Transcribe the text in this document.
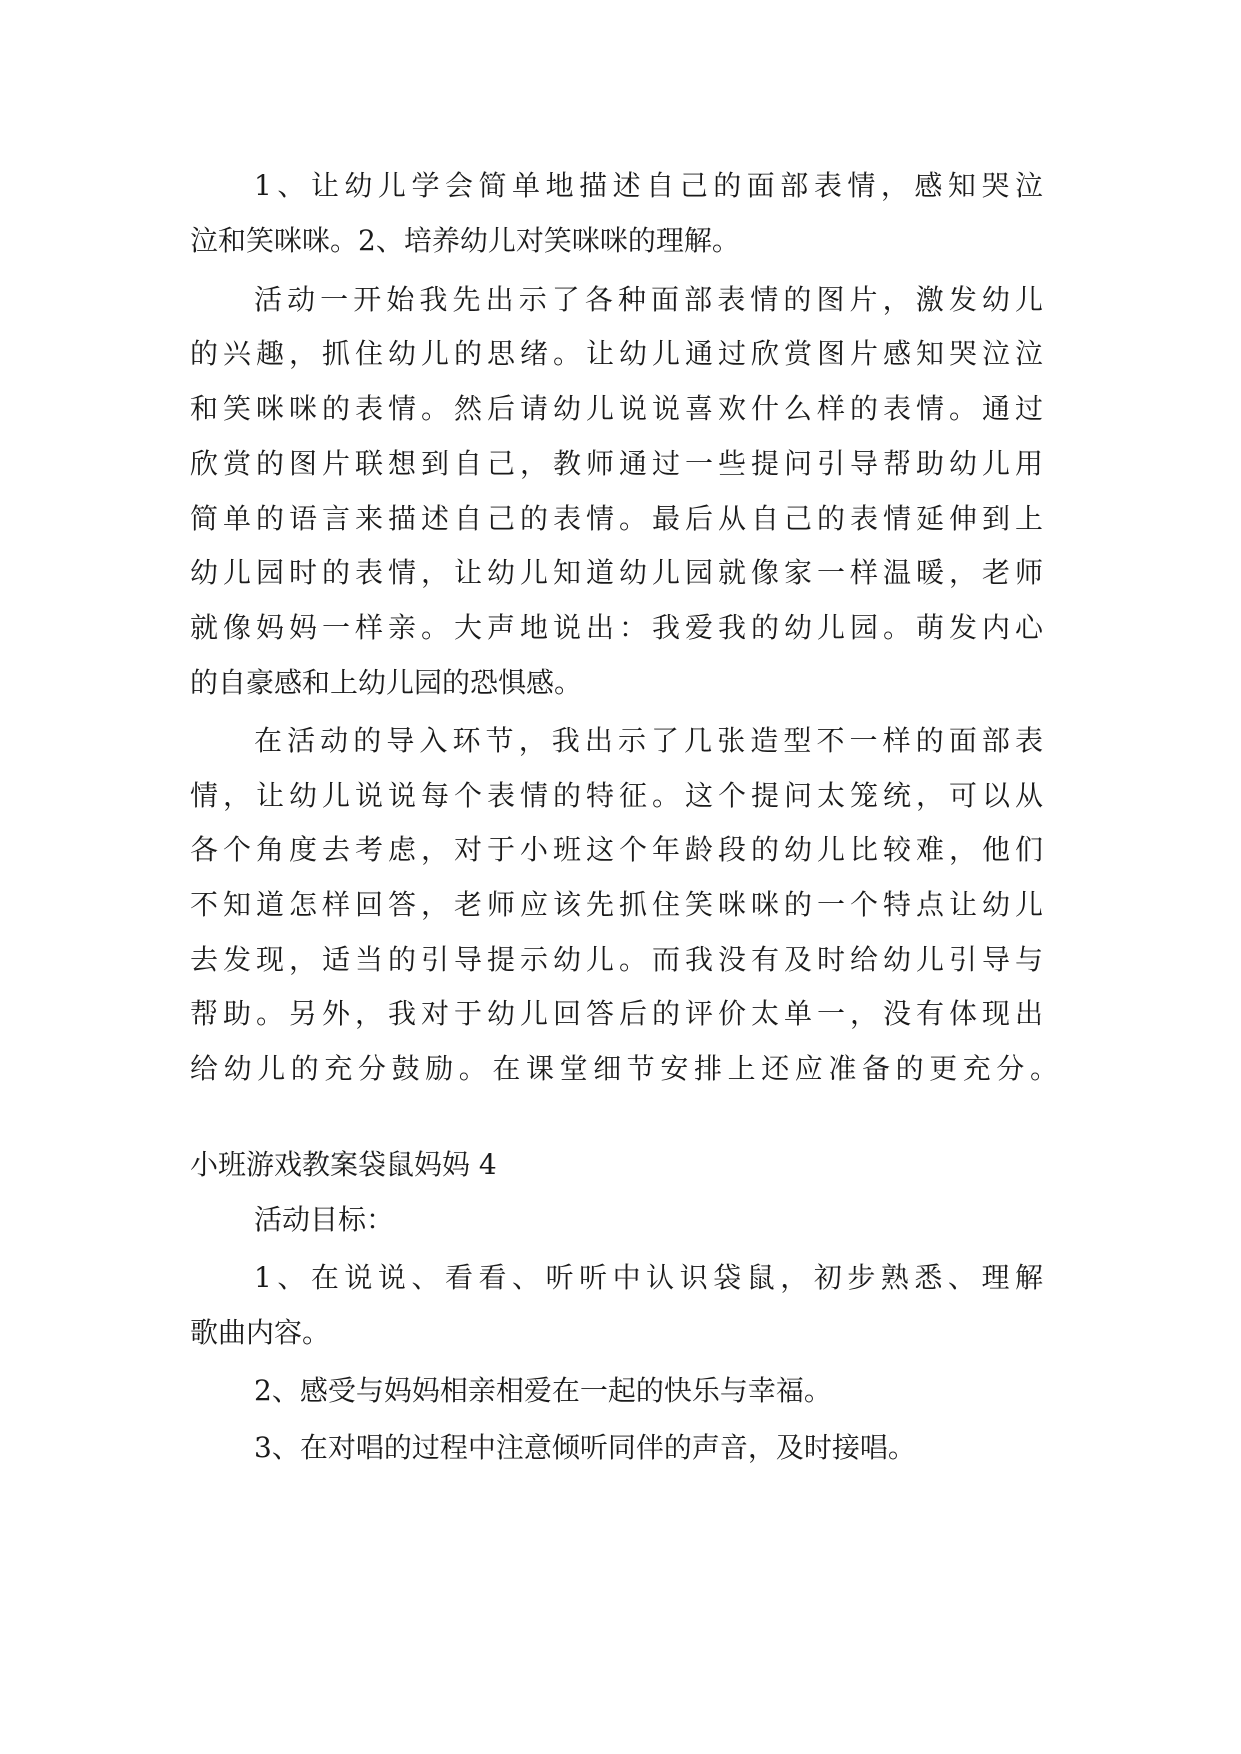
1、让幼儿学会简单地描述自己的面部表情，感知哭泣
泣和笑咪咪。2、培养幼儿对笑咪咪的理解。
活动一开始我先出示了各种面部表情的图片，激发幼儿
的兴趣，抓住幼儿的思绪。让幼儿通过欣赏图片感知哭泣泣
和笑咪咪的表情。然后请幼儿说说喜欢什么样的表情。通过
欣赏的图片联想到自己，教师通过一些提问引导帮助幼儿用
简单的语言来描述自己的表情。最后从自己的表情延伸到上
幼儿园时的表情，让幼儿知道幼儿园就像家一样温暖，老师
就像妈妈一样亲。大声地说出：我爱我的幼儿园。萌发内心
的自豪感和上幼儿园的恐惧感。
在活动的导入环节，我出示了几张造型不一样的面部表
情，让幼儿说说每个表情的特征。这个提问太笼统，可以从
各个角度去考虑，对于小班这个年龄段的幼儿比较难，他们
不知道怎样回答，老师应该先抓住笑咪咪的一个特点让幼儿
去发现，适当的引导提示幼儿。而我没有及时给幼儿引导与
帮助。另外，我对于幼儿回答后的评价太单一，没有体现出
给幼儿的充分鼓励。在课堂细节安排上还应准备的更充分。
小班游戏教案袋鼠妈妈 4
活动目标：
1、在说说、看看、听听中认识袋鼠，初步熟悉、理解
歌曲内容。
2、感受与妈妈相亲相爱在一起的快乐与幸福。
3、在对唱的过程中注意倾听同伴的声音，及时接唱。
